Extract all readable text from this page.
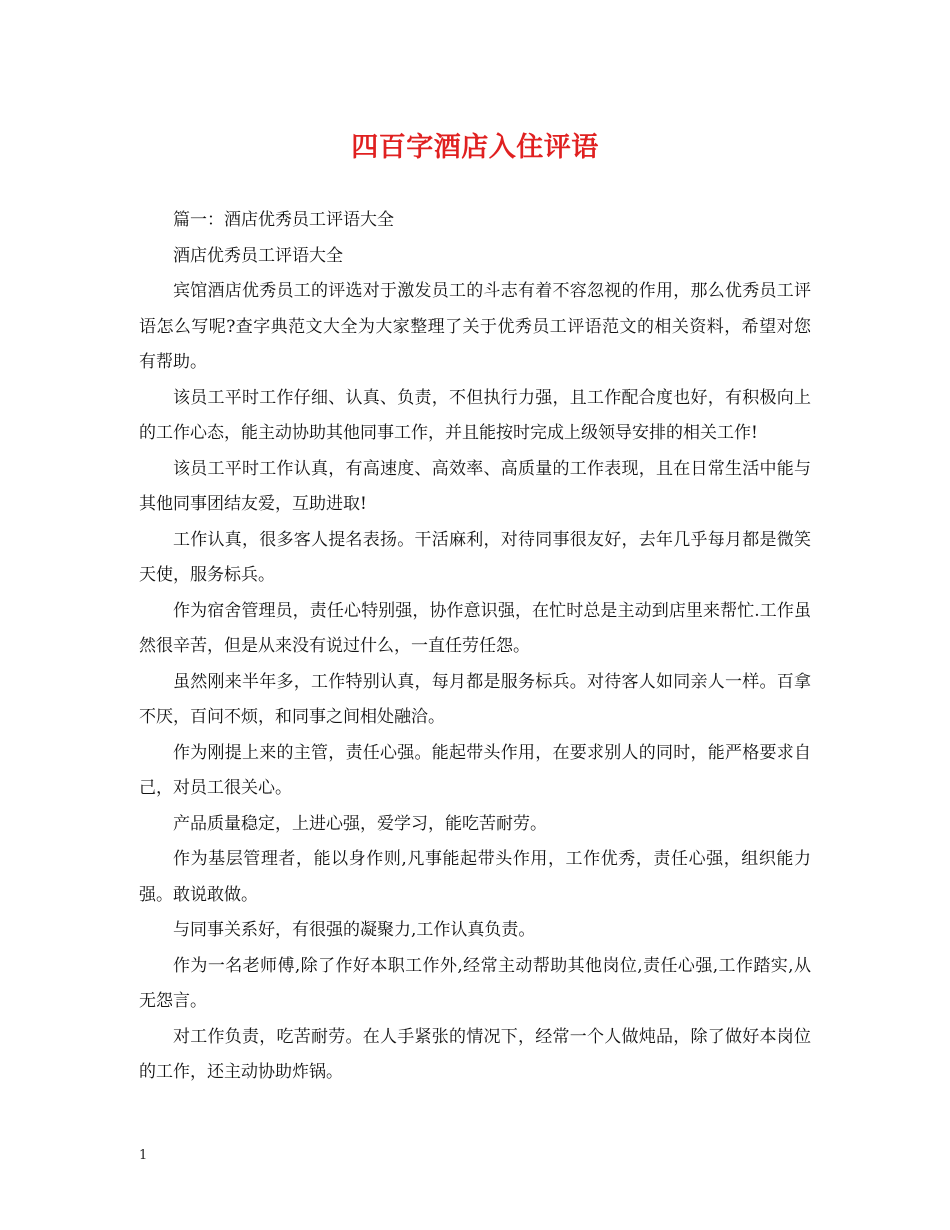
四百字酒店入住评语

篇一：酒店优秀员工评语大全

酒店优秀员工评语大全

宾馆酒店优秀员工的评选对于激发员工的斗志有着不容忽视的作用，那么优秀员工评语怎么写呢?查字典范文大全为大家整理了关于优秀员工评语范文的相关资料，希望对您有帮助。

该员工平时工作仔细、认真、负责，不但执行力强，且工作配合度也好，有积极向上的工作心态，能主动协助其他同事工作，并且能按时完成上级领导安排的相关工作!

该员工平时工作认真，有高速度、高效率、高质量的工作表现，且在日常生活中能与其他同事团结友爱，互助进取!

工作认真，很多客人提名表扬。干活麻利，对待同事很友好，去年几乎每月都是微笑天使，服务标兵。

作为宿舍管理员，责任心特别强，协作意识强，在忙时总是主动到店里来帮忙.工作虽然很辛苦，但是从来没有说过什么，一直任劳任怨。

虽然刚来半年多，工作特别认真，每月都是服务标兵。对待客人如同亲人一样。百拿不厌，百问不烦，和同事之间相处融洽。

作为刚提上来的主管，责任心强。能起带头作用，在要求别人的同时，能严格要求自己，对员工很关心。

产品质量稳定，上进心强，爱学习，能吃苦耐劳。

作为基层管理者，能以身作则,凡事能起带头作用，工作优秀，责任心强，组织能力强。敢说敢做。

与同事关系好，有很强的凝聚力,工作认真负责。

作为一名老师傅,除了作好本职工作外,经常主动帮助其他岗位,责任心强,工作踏实,从无怨言。

对工作负责，吃苦耐劳。在人手紧张的情况下，经常一个人做炖品，除了做好本岗位的工作，还主动协助炸锅。

1
